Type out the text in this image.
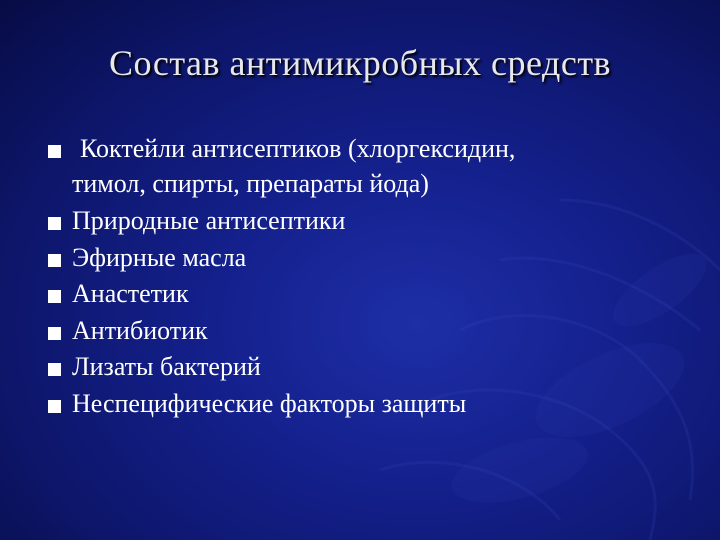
Состав антимикробных средств
Коктейли антисептиков (хлоргексидин,
тимол, спирты, препараты йода)
Природные антисептики
Эфирные масла
Анастетик
Антибиотик
Лизаты бактерий
Неспецифические факторы защиты
